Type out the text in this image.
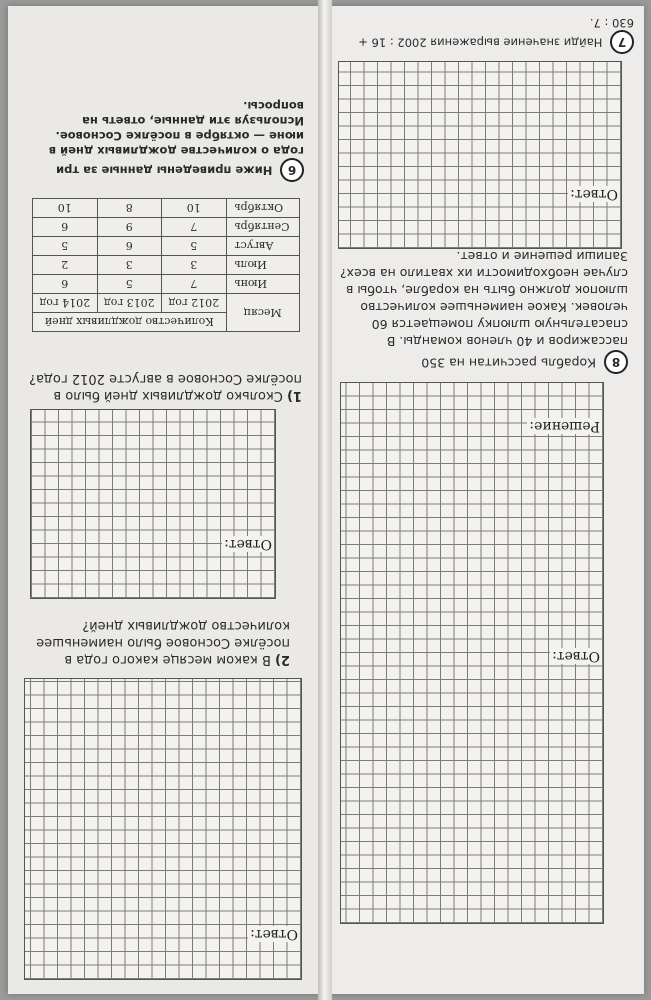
6 Ниже приведены данные за три года о количестве дождливых дней в июне — октябре в посёлке Сосновое. Используя эти данные, ответь на вопросы.
Месяц	Количество дождливых дней		
	2012 год	2013 год	2014 год
Июнь	7	5	6
Июль	3	3	2
Август	5	6	5
Сентябрь	7	9	6
Октябрь	10	8	10
1) Сколько дождливых дней было в посёлке Сосновое в августе 2012 года?
Ответ:
2) В каком месяце какого года в посёлке Сосновое было наименьшее количество дождливых дней?
Ответ:
7 Найди значение выражения 2002 : 16 + 630 : 7.
Ответ:
8 Корабль рассчитан на 350 пассажиров и 40 членов команды. В спасательную шлюпку помещается 60 человек. Какое наименьшее количество шлюпок должно быть на корабле, чтобы в случае необходимости их хватило на всех? Запиши решение и ответ.
Решение:
Ответ:
